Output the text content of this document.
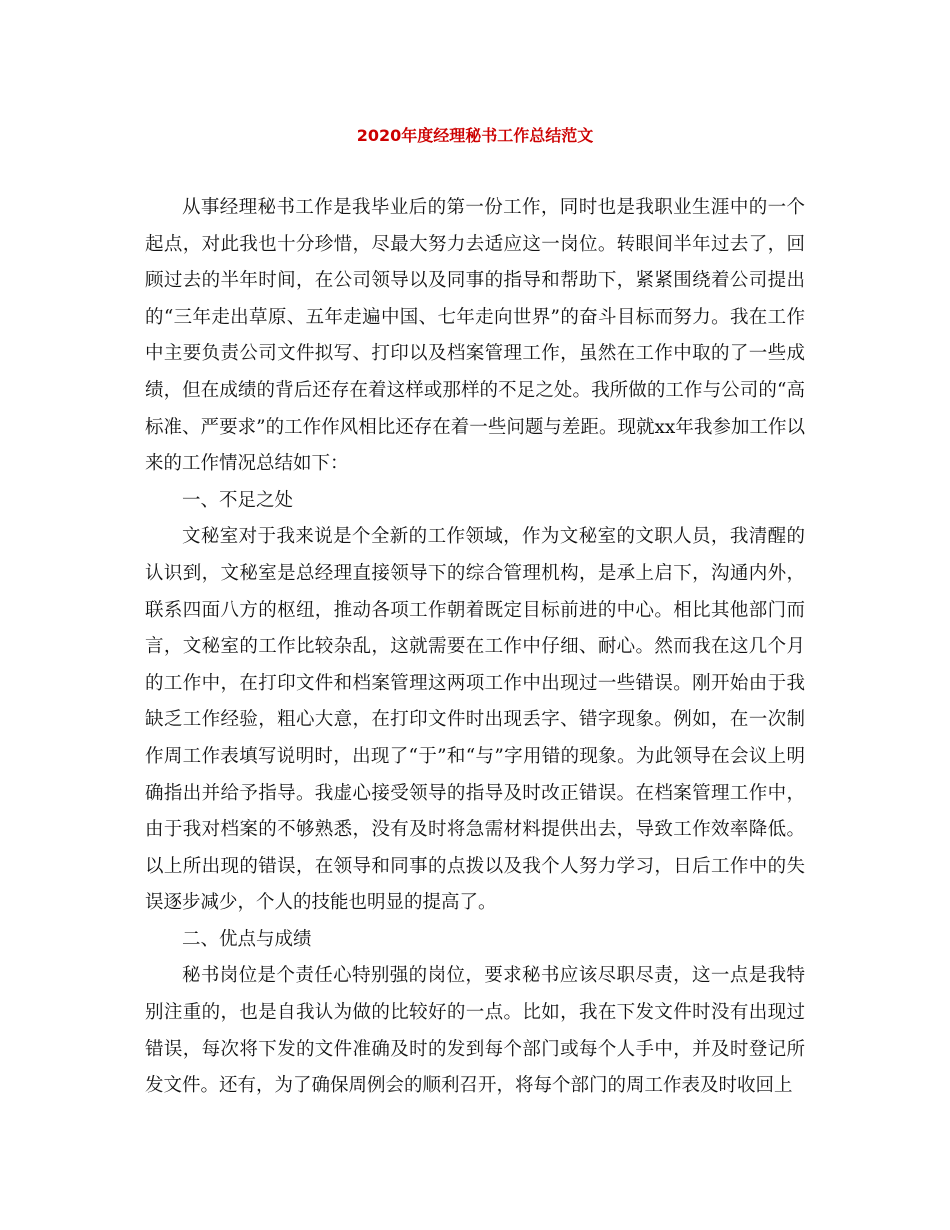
2020年度经理秘书工作总结范文

从事经理秘书工作是我毕业后的第一份工作，同时也是我职业生涯中的一个起点，对此我也十分珍惜，尽最大努力去适应这一岗位。转眼间半年过去了，回顾过去的半年时间，在公司领导以及同事的指导和帮助下，紧紧围绕着公司提出的“三年走出草原、五年走遍中国、七年走向世界”的奋斗目标而努力。我在工作中主要负责公司文件拟写、打印以及档案管理工作，虽然在工作中取的了一些成绩，但在成绩的背后还存在着这样或那样的不足之处。我所做的工作与公司的“高标准、严要求”的工作作风相比还存在着一些问题与差距。现就xx年我参加工作以来的工作情况总结如下：

一、不足之处

文秘室对于我来说是个全新的工作领域，作为文秘室的文职人员，我清醒的认识到，文秘室是总经理直接领导下的综合管理机构，是承上启下，沟通内外，联系四面八方的枢纽，推动各项工作朝着既定目标前进的中心。相比其他部门而言，文秘室的工作比较杂乱，这就需要在工作中仔细、耐心。然而我在这几个月的工作中，在打印文件和档案管理这两项工作中出现过一些错误。刚开始由于我缺乏工作经验，粗心大意，在打印文件时出现丢字、错字现象。例如，在一次制作周工作表填写说明时，出现了“于”和“与”字用错的现象。为此领导在会议上明确指出并给予指导。我虚心接受领导的指导及时改正错误。在档案管理工作中，由于我对档案的不够熟悉，没有及时将急需材料提供出去，导致工作效率降低。以上所出现的错误，在领导和同事的点拨以及我个人努力学习，日后工作中的失误逐步减少，个人的技能也明显的提高了。

二、优点与成绩

秘书岗位是个责任心特别强的岗位，要求秘书应该尽职尽责，这一点是我特别注重的，也是自我认为做的比较好的一点。比如，我在下发文件时没有出现过错误，每次将下发的文件准确及时的发到每个部门或每个人手中，并及时登记所发文件。还有，为了确保周例会的顺利召开，将每个部门的周工作表及时收回上
